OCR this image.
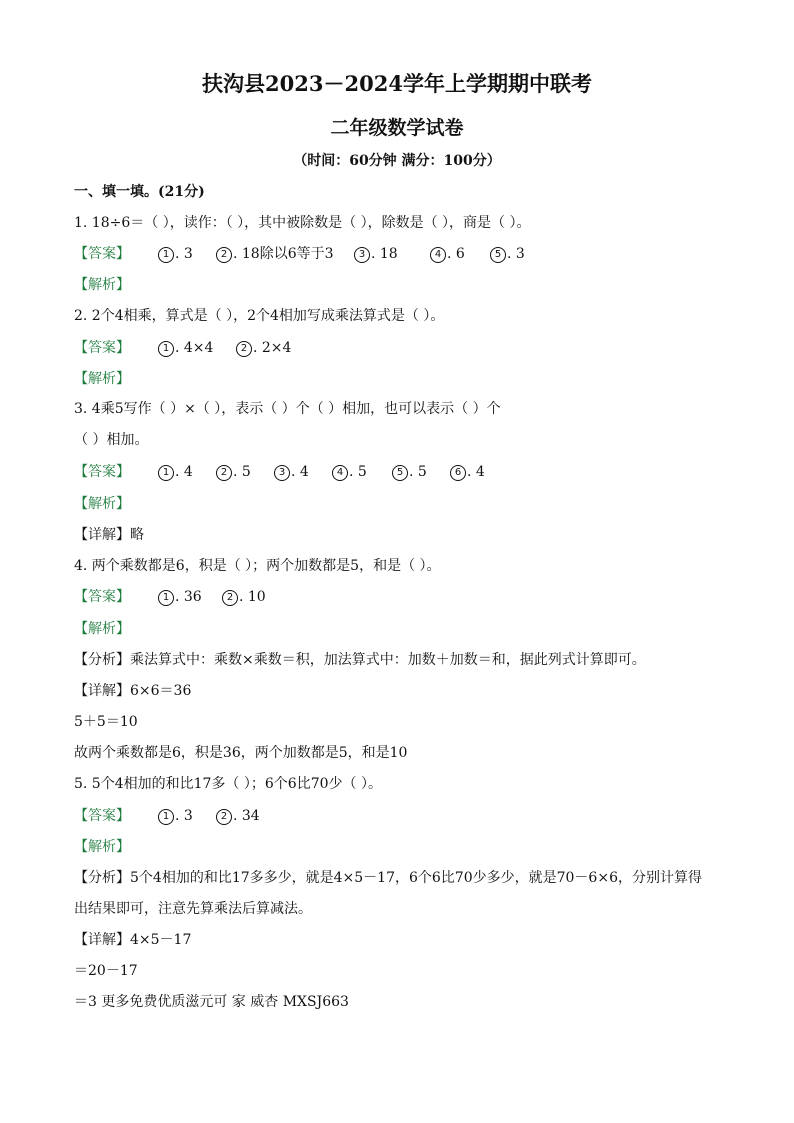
扶沟县2023－2024学年上学期期中联考
二年级数学试卷
（时间：60分钟 满分：100分）
一、填一填。(21分)
1. 18÷6＝（ ），读作：（ ），其中被除数是（ ），除数是（ ），商是（ ）。
【答案】	1 . 3	2 . 18除以6等于3	3 . 18	4 . 6	5 . 3
【解析】
2. 2个4相乘，算式是（ ），2个4相加写成乘法算式是（ ）。
【答案】	1 . 4×4	2 . 2×4
【解析】
3. 4乘5写作（ ）×（ ），表示（ ）个（ ）相加，也可以表示（ ）个
（ ）相加。
【答案】	1 . 4	2 . 5	3 . 4	4 . 5	5 . 5	6 . 4
【解析】
【详解】略
4. 两个乘数都是6，积是（ ）；两个加数都是5，和是（ ）。
【答案】	1 . 36	2 . 10
【解析】
【分析】乘法算式中：乘数×乘数＝积，加法算式中：加数＋加数＝和，据此列式计算即可。
【详解】6×6＝36
5＋5＝10
故两个乘数都是6，积是36，两个加数都是5，和是10
5. 5个4相加的和比17多（ ）；6个6比70少（ ）。
【答案】	1 . 3	2 . 34
【解析】
【分析】5个4相加的和比17多多少，就是4×5－17，6个6比70少多少，就是70－6×6，分别计算得
出结果即可，注意先算乘法后算减法。
【详解】4×5－17
＝20－17
＝3 更多免费优质滋元可 家 威杏 MXSJ663
